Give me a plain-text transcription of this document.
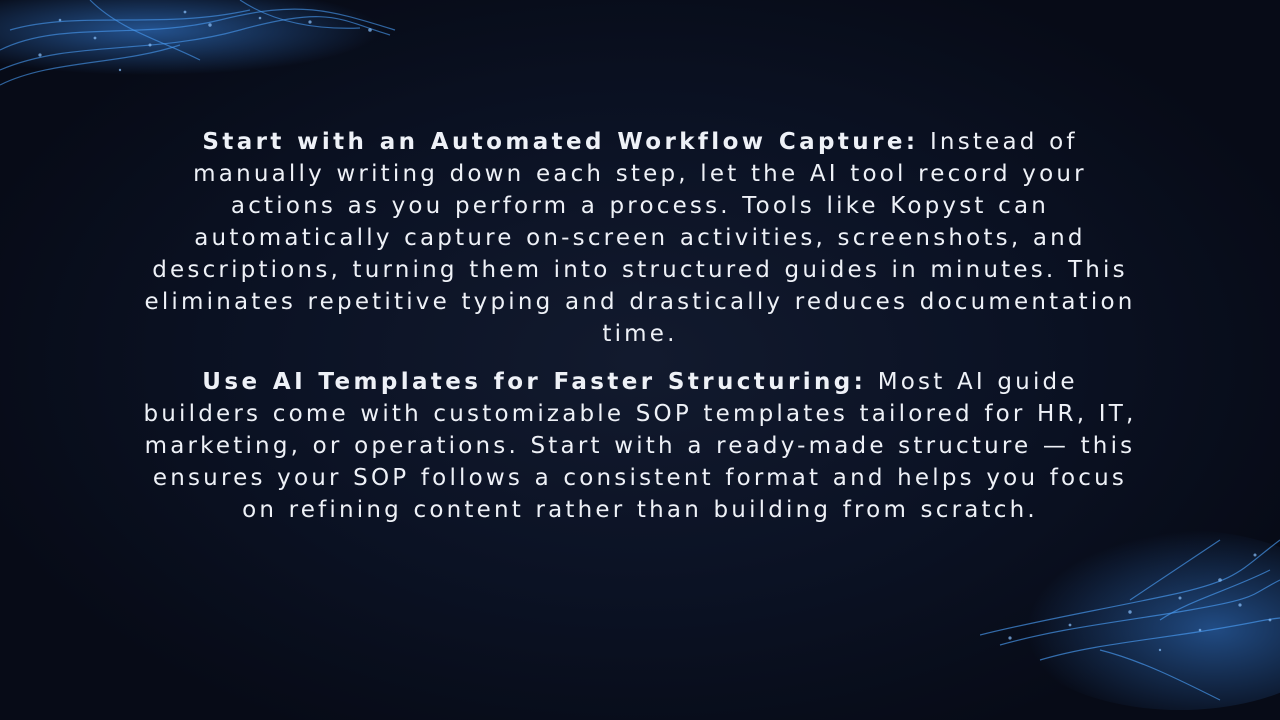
Start with an Automated Workflow Capture: Instead of manually writing down each step, let the AI tool record your actions as you perform a process. Tools like Kopyst can automatically capture on-screen activities, screenshots, and descriptions, turning them into structured guides in minutes. This eliminates repetitive typing and drastically reduces documentation time.

Use AI Templates for Faster Structuring: Most AI guide builders come with customizable SOP templates tailored for HR, IT, marketing, or operations. Start with a ready-made structure — this ensures your SOP follows a consistent format and helps you focus on refining content rather than building from scratch.
